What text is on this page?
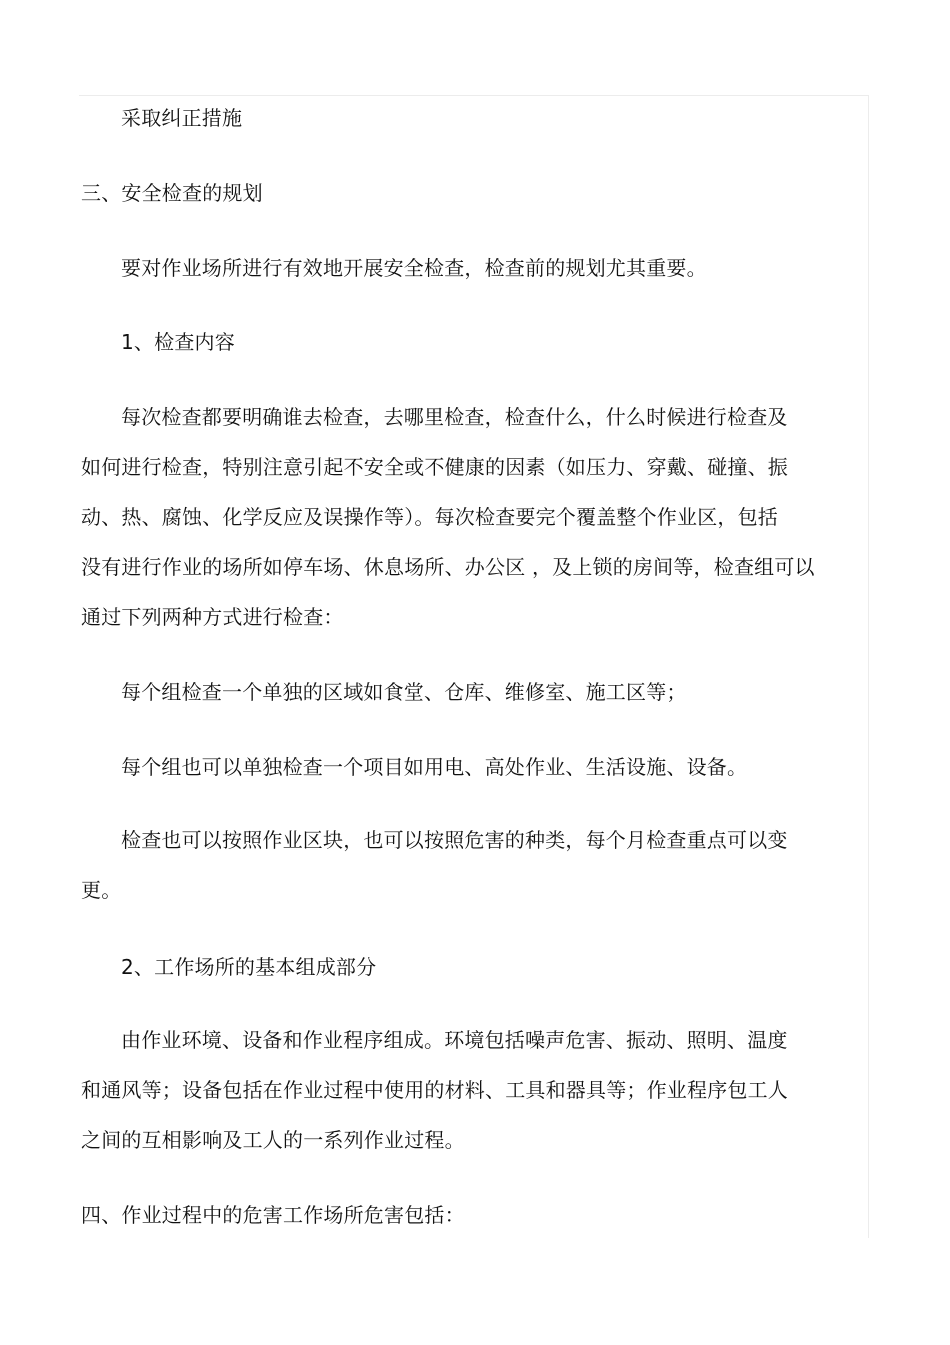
采取纠正措施
三、安全检查的规划
要对作业场所进行有效地开展安全检查，检查前的规划尤其重要。
1、检查内容
每次检查都要明确谁去检查，去哪里检查，检查什么，什么时候进行检查及
如何进行检查，特别注意引起不安全或不健康的因素（如压力、穿戴、碰撞、振
动、热、腐蚀、化学反应及误操作等）。每次检查要完个覆盖整个作业区，包括
没有进行作业的场所如停车场、休息场所、办公区 ，及上锁的房间等，检查组可以
通过下列两种方式进行检查：
每个组检查一个单独的区域如食堂、仓库、维修室、施工区等；
每个组也可以单独检查一个项目如用电、高处作业、生活设施、设备。
检查也可以按照作业区块，也可以按照危害的种类，每个月检查重点可以变
更。
2、工作场所的基本组成部分
由作业环境、设备和作业程序组成。环境包括噪声危害、振动、照明、温度
和通风等；设备包括在作业过程中使用的材料、工具和器具等；作业程序包工人
之间的互相影响及工人的一系列作业过程。
四、作业过程中的危害工作场所危害包括：
